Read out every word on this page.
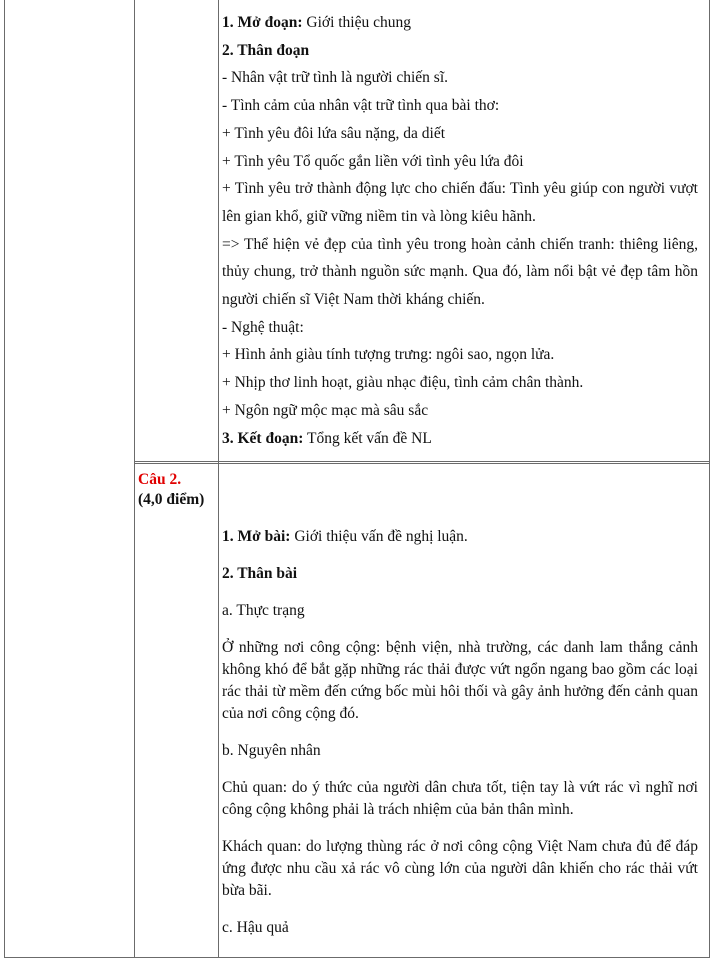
1. Mở đoạn: Giới thiệu chung

2. Thân đoạn

- Nhân vật trữ tình là người chiến sĩ.

- Tình cảm của nhân vật trữ tình qua bài thơ:

+ Tình yêu đôi lứa sâu nặng, da diết

+ Tình yêu Tổ quốc gắn liền với tình yêu lứa đôi

+ Tình yêu trở thành động lực cho chiến đấu: Tình yêu giúp con người vượt lên gian khổ, giữ vững niềm tin và lòng kiêu hãnh.

=> Thể hiện vẻ đẹp của tình yêu trong hoàn cảnh chiến tranh: thiêng liêng, thủy chung, trở thành nguồn sức mạnh. Qua đó, làm nổi bật vẻ đẹp tâm hồn người chiến sĩ Việt Nam thời kháng chiến.

- Nghệ thuật:

+ Hình ảnh giàu tính tượng trưng: ngôi sao, ngọn lửa.

+ Nhịp thơ linh hoạt, giàu nhạc điệu, tình cảm chân thành.

+ Ngôn ngữ mộc mạc mà sâu sắc

3. Kết đoạn: Tổng kết vấn đề NL

Câu 2.
(4,0 điểm)

1. Mở bài: Giới thiệu vấn đề nghị luận.

2. Thân bài

a. Thực trạng

Ở những nơi công cộng: bệnh viện, nhà trường, các danh lam thắng cảnh không khó để bắt gặp những rác thải được vứt ngổn ngang bao gồm các loại rác thải từ mềm đến cứng bốc mùi hôi thối và gây ảnh hưởng đến cảnh quan của nơi công cộng đó.

b. Nguyên nhân

Chủ quan: do ý thức của người dân chưa tốt, tiện tay là vứt rác vì nghĩ nơi công cộng không phải là trách nhiệm của bản thân mình.

Khách quan: do lượng thùng rác ở nơi công cộng Việt Nam chưa đủ để đáp ứng được nhu cầu xả rác vô cùng lớn của người dân khiến cho rác thải vứt bừa bãi.

c. Hậu quả
